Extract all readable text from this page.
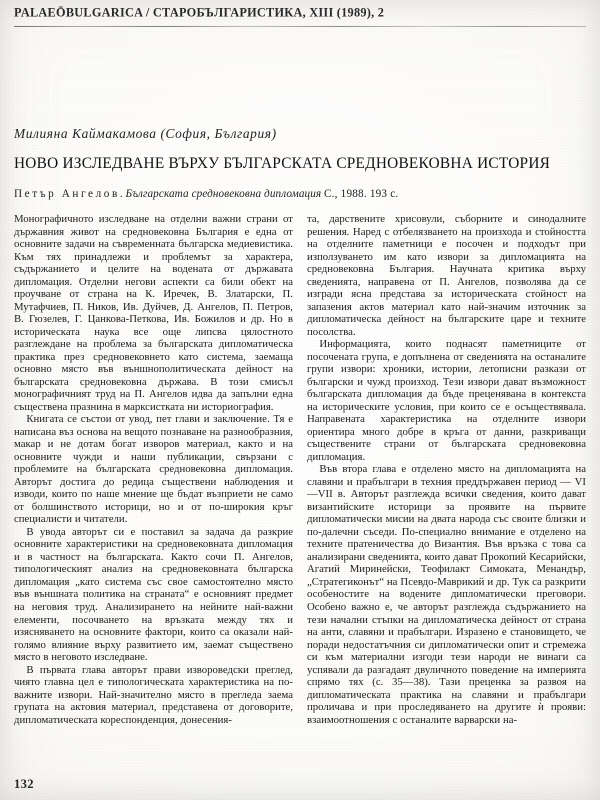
PALAEŌBULGARICA / СТАРОБЪЛГАРИСТИКА, XIII (1989), 2
Милияна Каймакамова (София, България)
НОВО ИЗСЛЕДВАНЕ ВЪРХУ БЪЛГАРСКАТА СРЕДНОВЕКОВНА ИСТОРИЯ
Петър Ангелов. Българската средновековна дипломация С., 1988. 193 с.

Монографичното изследване на отделни важни страни от държавния живот на средновековна България е една от основните задачи на съвременната българска медиевистика. Към тях принадлежи и проблемът за характера, съдържанието и целите на водената от държавата дипломация. Отделни негови аспекти са били обект на проучване от страна на К. Иречек, В. Златарски, П. Мутафчиев, П. Ников, Ив. Дуйчев, Д. Ангелов, П. Петров, В. Гюзелев, Г. Цанкова-Петкова, Ив. Божилов и др. Но в историческата наука все още липсва цялостното разглеждане на проблема за българската дипломатическа практика през средновековнето като система, заемаща основно място във външнополитическата дейност на българската средновековна държава. В този смисъл монографичният труд на П. Ангелов идва да запълни една съществена празнина в марксистката ни историография.

Книгата се състои от увод, пет глави и заключение. Тя е написана въз основа на вещото познаване на разнообразния, макар и не дотам богат изворов материал, както и на основните чужди и наши публикации, свързани с проблемите на българската средновековна дипломация. Авторът достига до редица съществени наблюдения и изводи, които по наше мнение ще бъдат възприети не само от болшинството историци, но и от по-широкия кръг специалисти и читатели.

В увода авторът си е поставил за задача да разкрие основните характеристики на средновековната дипломация и в частност на българската. Както сочи П. Ангелов, типологическият анализ на средновековната българска дипломация „като система със свое самостоятелно място във външната политика на страната“ е основният предмет на неговия труд. Анализирането на нейните най-важни елементи, посочването на връзката между тях и изясняването на основните фактори, които са оказали най-голямо влияние върху развитието им, заемат съществено място в неговото изследване.

В първата глава авторът прави извороведски преглед, чиято главна цел е типологическата характеристика на по-важните извори. Най-значително място в прегледа заема групата на актовия материал, представена от договорите, дипломатическата кореспонденция, донесения-

та, дарствените хрисовули, съборните и синодалните решения. Наред с отбелязването на произхода и стойността на отделните паметници е посочен и подходът при използуването им като извори за дипломацията на средновековна България. Научната критика върху сведенията, направена от П. Ангелов, позволява да се изгради ясна представа за историческата стойност на запазения актов материал като най-значим източник за дипломатическа дейност на българските царе и техните посолства.

Информацията, които поднасят паметниците от посочената група, е допълнена от сведенията на останалите групи извори: хроники, истории, летописни разкази от български и чужд произход. Тези извори дават възможност българската дипломация да бъде преценявана в контекста на историческите условия, при които се е осъществявала. Направената характеристика на отделните извори ориентира много добре в кръга от данни, разкриващи съществените страни от българската средновековна дипломация.

Във втора глава е отделено място на дипломацията на славяни и прабългари в техния преддържавен период — VI—VII в. Авторът разглежда всички сведения, които дават византийските историци за проявите на първите дипломатически мисии на двата народа със своите близки и по-далечни съседи. По-специално внимание е отделено на техните пратеничества до Византия. Във връзка с това са анализирани сведенията, които дават Прокопий Кесарийски, Агатий Миринейски, Теофилакт Симоката, Менандър, „Стратегиконът“ на Псевдо-Маврикий и др. Тук са разкрити особеностите на водените дипломатически преговори. Особено важно е, че авторът разглежда съдържанието на тези начални стъпки на дипломатическа дейност от страна на анти, славяни и прабългари. Изразено е становището, че поради недостатъчния си дипломатически опит и стремежа си към материални изгоди тези народи не винаги са успявали да разгадаят двуличното поведение на империята спрямо тях (с. 35—38). Тази преценка за развоя на дипломатическата практика на славяни и прабългари проличава и при проследяването на другите ѝ прояви: взаимоотношения с останалите варварски на-

132
